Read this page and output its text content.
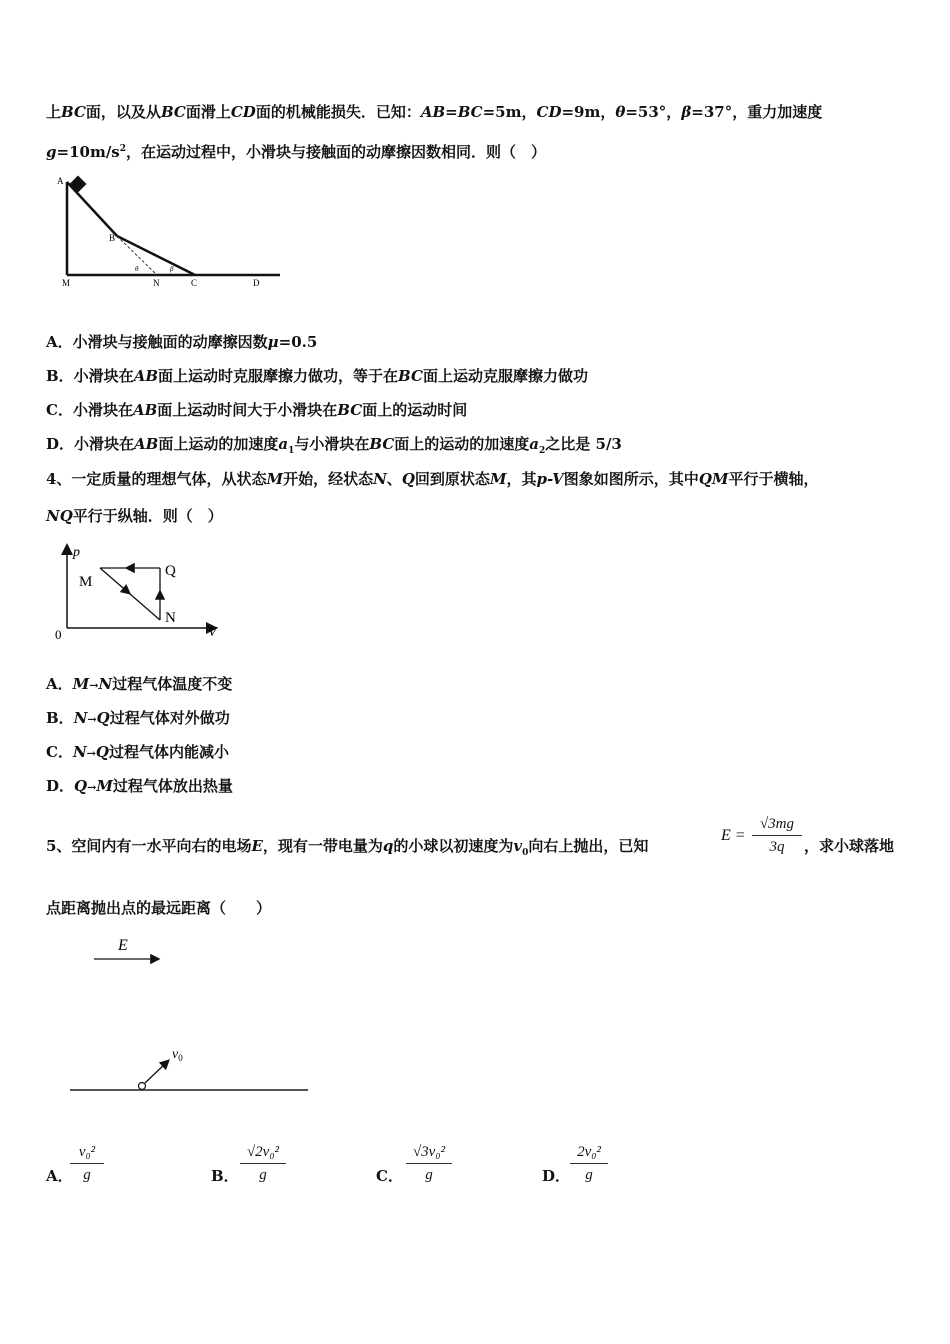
上BC面，以及从BC面滑上CD面的机械能损失．已知：AB=BC=5m，CD=9m，θ=53°，β=37°，重力加速度
$g=10m/s^2$，在运动过程中，小滑块与接触面的动摩擦因数相同．则（　）
A
B
M	N	C	D
θ	β
A．小滑块与接触面的动摩擦因数μ=0.5
B．小滑块在AB面上运动时克服摩擦力做功，等于在BC面上运动克服摩擦力做功
C．小滑块在AB面上运动时间大于小滑块在BC面上的运动时间
D．小滑块在AB面上运动的加速度$a_1$与小滑块在BC面上的运动的加速度$a_2$之比是 5/3
4、一定质量的理想气体，从状态M开始，经状态N、Q回到原状态M，其p-V图象如图所示，其中QM平行于横轴，
NQ平行于纵轴．则（　）
p
V
0
M
Q
N
A．M→N过程气体温度不变
B．N→Q过程气体对外做功
C．N→Q过程气体内能减小
D．Q→M过程气体放出热量
5、空间内有一水平向右的电场E，现有一带电量为q的小球以初速度为$v_0$向右上抛出，已知
E =
√3mg
3q	，求小球落地
点距离抛出点的最远距离（　　）
E
$v_0$
A．
v₀²
g	B．
√2v₀²
g	C．
√3v₀²
g	D．
2v₀²
g
